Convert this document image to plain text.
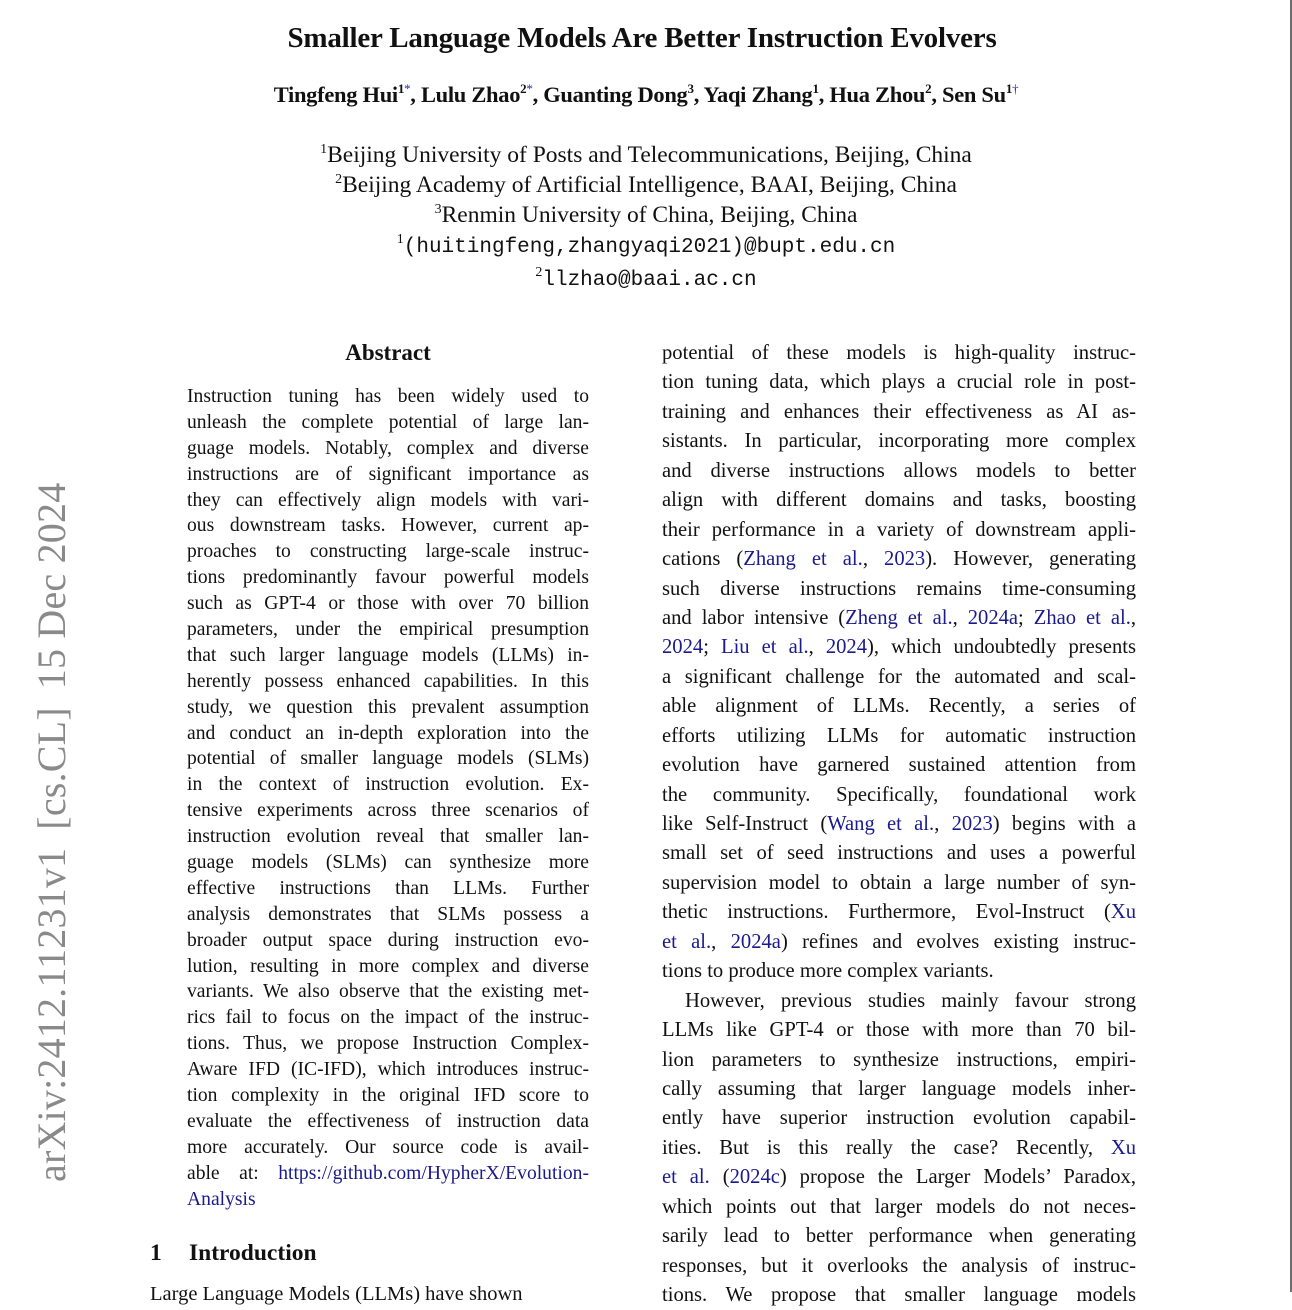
arXiv:2412.11231v1[cs.CL]15 Dec 2024
Smaller Language Models Are Better Instruction Evolvers
Tingfeng Hui$^{1*}$, Lulu Zhao$^{2*}$, Guanting Dong$^3$, Yaqi Zhang$^1$, Hua Zhou$^2$, Sen $Su^{1\dagger}$
$^1$Beijing University of Posts and Telecommunications, Beijing, China
$^2$Beijing Academy of Artificial Intelligence, BAAI, Beijing, China
$^3$Renmin University of China, Beijing, China
$^1$(huitingfeng,zhangyaqi2021)@bupt.edu.cn
$^2$llzhao@baai.ac.cn
Abstract
Instruction tuning has been widely used to
unleash the complete potential of large lan-
guage models. Notably, complex and diverse
instructions are of significant importance as
they can effectively align models with vari-
ous downstream tasks. However, current ap-
proaches to constructing large-scale instruc-
tions predominantly favour powerful models
such as GPT-4 or those with over 70 billion
parameters, under the empirical presumption
that such larger language models (LLMs) in-
herently possess enhanced capabilities. In this
study, we question this prevalent assumption
and conduct an in-depth exploration into the
potential of smaller language models (SLMs)
in the context of instruction evolution. Ex-
tensive experiments across three scenarios of
instruction evolution reveal that smaller lan-
guage models (SLMs) can synthesize more
effective instructions than LLMs. Further
analysis demonstrates that SLMs possess a
broader output space during instruction evo-
lution, resulting in more complex and diverse
variants. We also observe that the existing met-
rics fail to focus on the impact of the instruc-
tions. Thus, we propose Instruction Complex-
Aware IFD (IC-IFD), which introduces instruc-
tion complexity in the original IFD score to
evaluate the effectiveness of instruction data
more accurately. Our source code is avail-
able at: https://github.com/HypherX/Evolution-
Analysis
1 Introduction
Large Language Models (LLMs) have shown
potential of these models is high-quality instruc-
tion tuning data, which plays a crucial role in post-
training and enhances their effectiveness as AI as-
sistants. In particular, incorporating more complex
and diverse instructions allows models to better
align with different domains and tasks, boosting
their performance in a variety of downstream appli-
cations (Zhang et al., 2023). However, generating
such diverse instructions remains time-consuming
and labor intensive (Zheng et al., 2024a; Zhao et al.,
2024; Liu et al., 2024), which undoubtedly presents
a significant challenge for the automated and scal-
able alignment of LLMs. Recently, a series of
efforts utilizing LLMs for automatic instruction
evolution have garnered sustained attention from
the community. Specifically, foundational work
like Self-Instruct (Wang et al., 2023) begins with a
small set of seed instructions and uses a powerful
supervision model to obtain a large number of syn-
thetic instructions. Furthermore, Evol-Instruct (Xu
et al., 2024a) refines and evolves existing instruc-
tions to produce more complex variants.
However, previous studies mainly favour strong
LLMs like GPT-4 or those with more than 70 bil-
lion parameters to synthesize instructions, empiri-
cally assuming that larger language models inher-
ently have superior instruction evolution capabil-
ities. But is this really the case? Recently, Xu
et al. (2024c) propose the Larger Models’ Paradox,
which points out that larger models do not neces-
sarily lead to better performance when generating
responses, but it overlooks the analysis of instruc-
tions. We propose that smaller language models
